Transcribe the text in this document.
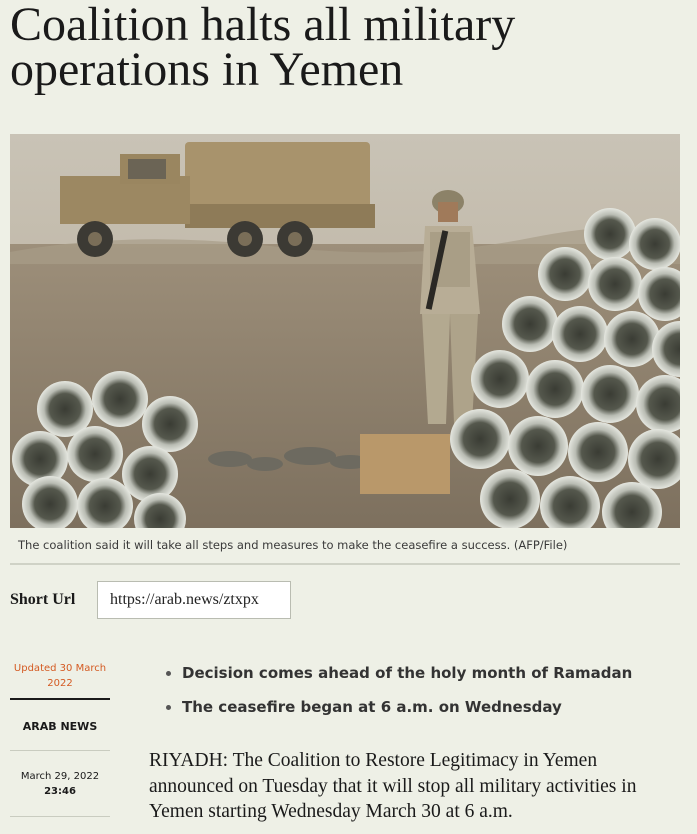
Coalition halts all military operations in Yemen
The coalition said it will take all steps and measures to make the ceasefire a success. (AFP/File)
Short Url	https://arab.news/ztxpx
Updated 30 March 2022
ARAB NEWS
March 29, 2022
23:46
• Decision comes ahead of the holy month of Ramadan
• The ceasefire began at 6 a.m. on Wednesday

RIYADH: The Coalition to Restore Legitimacy in Yemen announced on Tuesday that it will stop all military activities in Yemen starting Wednesday March 30 at 6 a.m.
